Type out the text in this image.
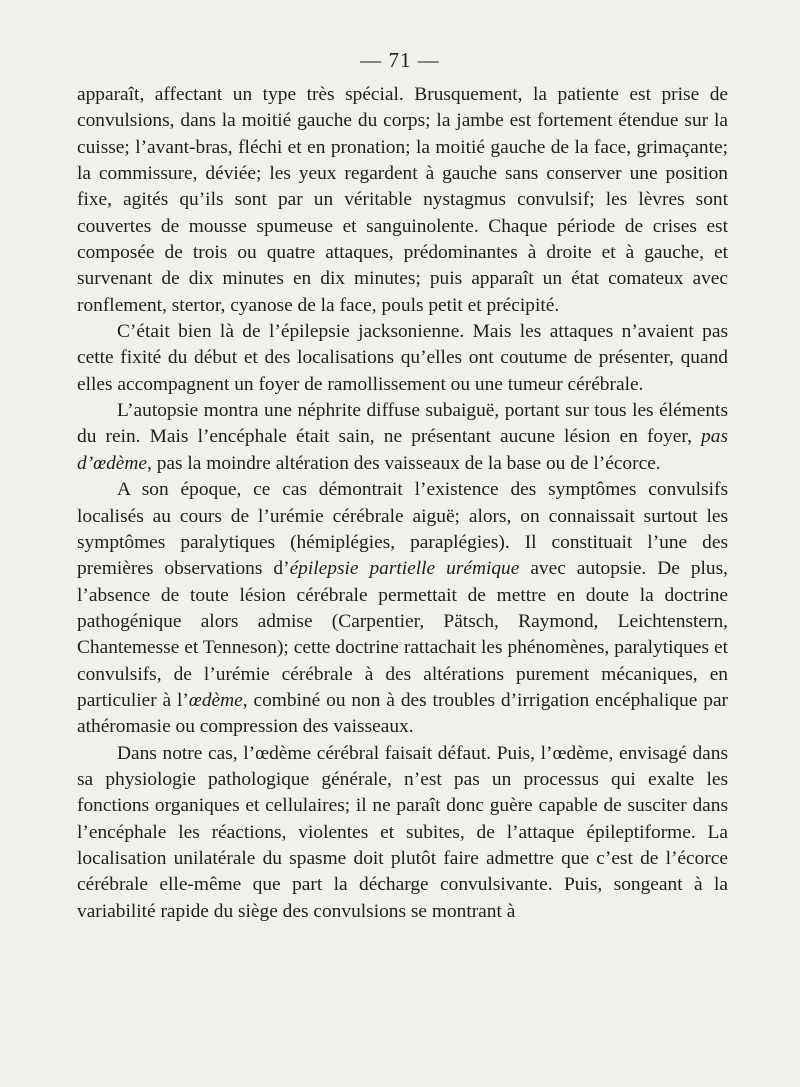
— 71 —

apparaît, affectant un type très spécial. Brusquement, la patiente est prise de convulsions, dans la moitié gauche du corps; la jambe est fortement étendue sur la cuisse; l’avant-bras, fléchi et en pronation; la moitié gauche de la face, grimaçante; la commissure, déviée; les yeux regardent à gauche sans conserver une position fixe, agités qu’ils sont par un véritable nystagmus convulsif; les lèvres sont couvertes de mousse spumeuse et sanguinolente. Chaque période de crises est composée de trois ou quatre attaques, prédominantes à droite et à gauche, et survenant de dix minutes en dix minutes; puis apparaît un état comateux avec ronflement, stertor, cyanose de la face, pouls petit et précipité.

C’était bien là de l’épilepsie jacksonienne. Mais les attaques n’avaient pas cette fixité du début et des localisations qu’elles ont coutume de présenter, quand elles accompagnent un foyer de ramollissement ou une tumeur cérébrale.

L’autopsie montra une néphrite diffuse subaiguë, portant sur tous les éléments du rein. Mais l’encéphale était sain, ne présentant aucune lésion en foyer, pas d’œdème, pas la moindre altération des vaisseaux de la base ou de l’écorce.

A son époque, ce cas démontrait l’existence des symptômes convulsifs localisés au cours de l’urémie cérébrale aiguë; alors, on connaissait surtout les symptômes paralytiques (hémiplégies, paraplégies). Il constituait l’une des premières observations d’épilepsie partielle urémique avec autopsie. De plus, l’absence de toute lésion cérébrale permettait de mettre en doute la doctrine pathogénique alors admise (Carpentier, Pätsch, Raymond, Leichtenstern, Chantemesse et Tenneson); cette doctrine rattachait les phénomènes, paralytiques et convulsifs, de l’urémie cérébrale à des altérations purement mécaniques, en particulier à l’œdème, combiné ou non à des troubles d’irrigation encéphalique par athéromasie ou compression des vaisseaux.

Dans notre cas, l’œdème cérébral faisait défaut. Puis, l’œdème, envisagé dans sa physiologie pathologique générale, n’est pas un processus qui exalte les fonctions organiques et cellulaires; il ne paraît donc guère capable de susciter dans l’encéphale les réactions, violentes et subites, de l’attaque épileptiforme. La localisation unilatérale du spasme doit plutôt faire admettre que c’est de l’écorce cérébrale elle-même que part la décharge convulsivante. Puis, songeant à la variabilité rapide du siège des convulsions se montrant à
